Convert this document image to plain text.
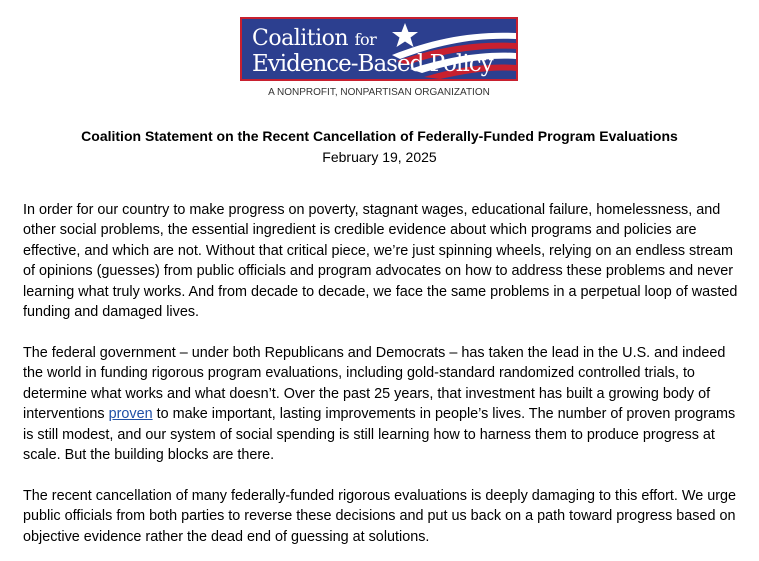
Coalition for
Evidence-Based Policy
A NONPROFIT, NONPARTISAN ORGANIZATION
Coalition Statement on the Recent Cancellation of Federally-Funded Program Evaluations
February 19, 2025
In order for our country to make progress on poverty, stagnant wages, educational failure, homelessness, and other social problems, the essential ingredient is credible evidence about which programs and policies are effective, and which are not. Without that critical piece, we’re just spinning wheels, relying on an endless stream of opinions (guesses) from public officials and program advocates on how to address these problems and never learning what truly works. And from decade to decade, we face the same problems in a perpetual loop of wasted funding and damaged lives.
The federal government – under both Republicans and Democrats – has taken the lead in the U.S. and indeed the world in funding rigorous program evaluations, including gold-standard randomized controlled trials, to determine what works and what doesn’t. Over the past 25 years, that investment has built a growing body of interventions proven to make important, lasting improvements in people’s lives. The number of proven programs is still modest, and our system of social spending is still learning how to harness them to produce progress at scale. But the building blocks are there.
The recent cancellation of many federally-funded rigorous evaluations is deeply damaging to this effort. We urge public officials from both parties to reverse these decisions and put us back on a path toward progress based on objective evidence rather the dead end of guessing at solutions.
